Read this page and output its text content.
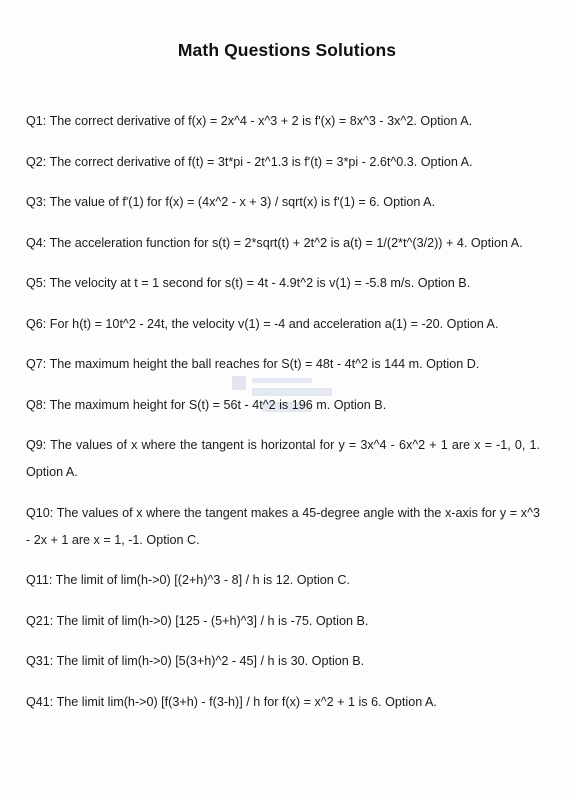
Math Questions Solutions
Q1: The correct derivative of f(x) = 2x^4 - x^3 + 2 is f'(x) = 8x^3 - 3x^2. Option A.
Q2: The correct derivative of f(t) = 3t*pi - 2t^1.3 is f'(t) = 3*pi - 2.6t^0.3. Option A.
Q3: The value of f'(1) for f(x) = (4x^2 - x + 3) / sqrt(x) is f'(1) = 6. Option A.
Q4: The acceleration function for s(t) = 2*sqrt(t) + 2t^2 is a(t) = 1/(2*t^(3/2)) + 4. Option A.
Q5: The velocity at t = 1 second for s(t) = 4t - 4.9t^2 is v(1) = -5.8 m/s. Option B.
Q6: For h(t) = 10t^2 - 24t, the velocity v(1) = -4 and acceleration a(1) = -20. Option A.
Q7: The maximum height the ball reaches for S(t) = 48t - 4t^2 is 144 m. Option D.
Q8: The maximum height for S(t) = 56t - 4t^2 is 196 m. Option B.
Q9: The values of x where the tangent is horizontal for y = 3x^4 - 6x^2 + 1 are x = -1, 0, 1. Option A.
Q10: The values of x where the tangent makes a 45-degree angle with the x-axis for y = x^3 - 2x + 1 are x = 1, -1. Option C.
Q11: The limit of lim(h->0) [(2+h)^3 - 8] / h is 12. Option C.
Q21: The limit of lim(h->0) [125 - (5+h)^3] / h is -75. Option B.
Q31: The limit of lim(h->0) [5(3+h)^2 - 45] / h is 30. Option B.
Q41: The limit lim(h->0) [f(3+h) - f(3-h)] / h for f(x) = x^2 + 1 is 6. Option A.
